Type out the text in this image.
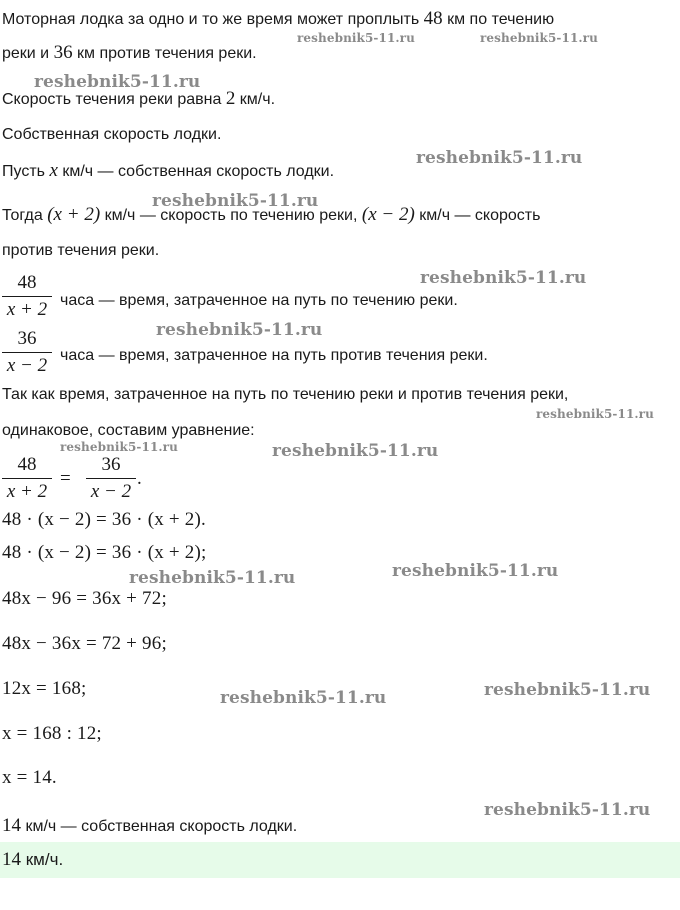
Моторная лодка за одно и то же время может проплыть 48 км по течению
реки и 36 км против течения реки.
Скорость течения реки равна 2 км/ч.
Собственная скорость лодки.
Пусть x км/ч — собственная скорость лодки.
Тогда (x + 2) км/ч — скорость по течению реки, (x − 2) км/ч — скорость
против течения реки.
48
x + 2 часа — время, затраченное на путь по течению реки.
36
x − 2 часа — время, затраченное на путь против течения реки.
Так как время, затраченное на путь по течению реки и против течения реки,
одинаковое, составим уравнение:
48
x + 2
=
36
x − 2
.
48 · (x − 2) = 36 · (x + 2).
48 · (x − 2) = 36 · (x + 2);
48x − 96 = 36x + 72;
48x − 36x = 72 + 96;
12x = 168;
x = 168 : 12;
x = 14.
14 км/ч — собственная скорость лодки.
14 км/ч.
reshebnik5-11.ru	reshebnik5-11.ru
reshebnik5-11.ru
reshebnik5-11.ru
reshebnik5-11.ru
reshebnik5-11.ru
reshebnik5-11.ru
reshebnik5-11.ru
reshebnik5-11.ru	reshebnik5-11.ru
reshebnik5-11.ru
reshebnik5-11.ru
reshebnik5-11.ru
reshebnik5-11.ru
reshebnik5-11.ru
